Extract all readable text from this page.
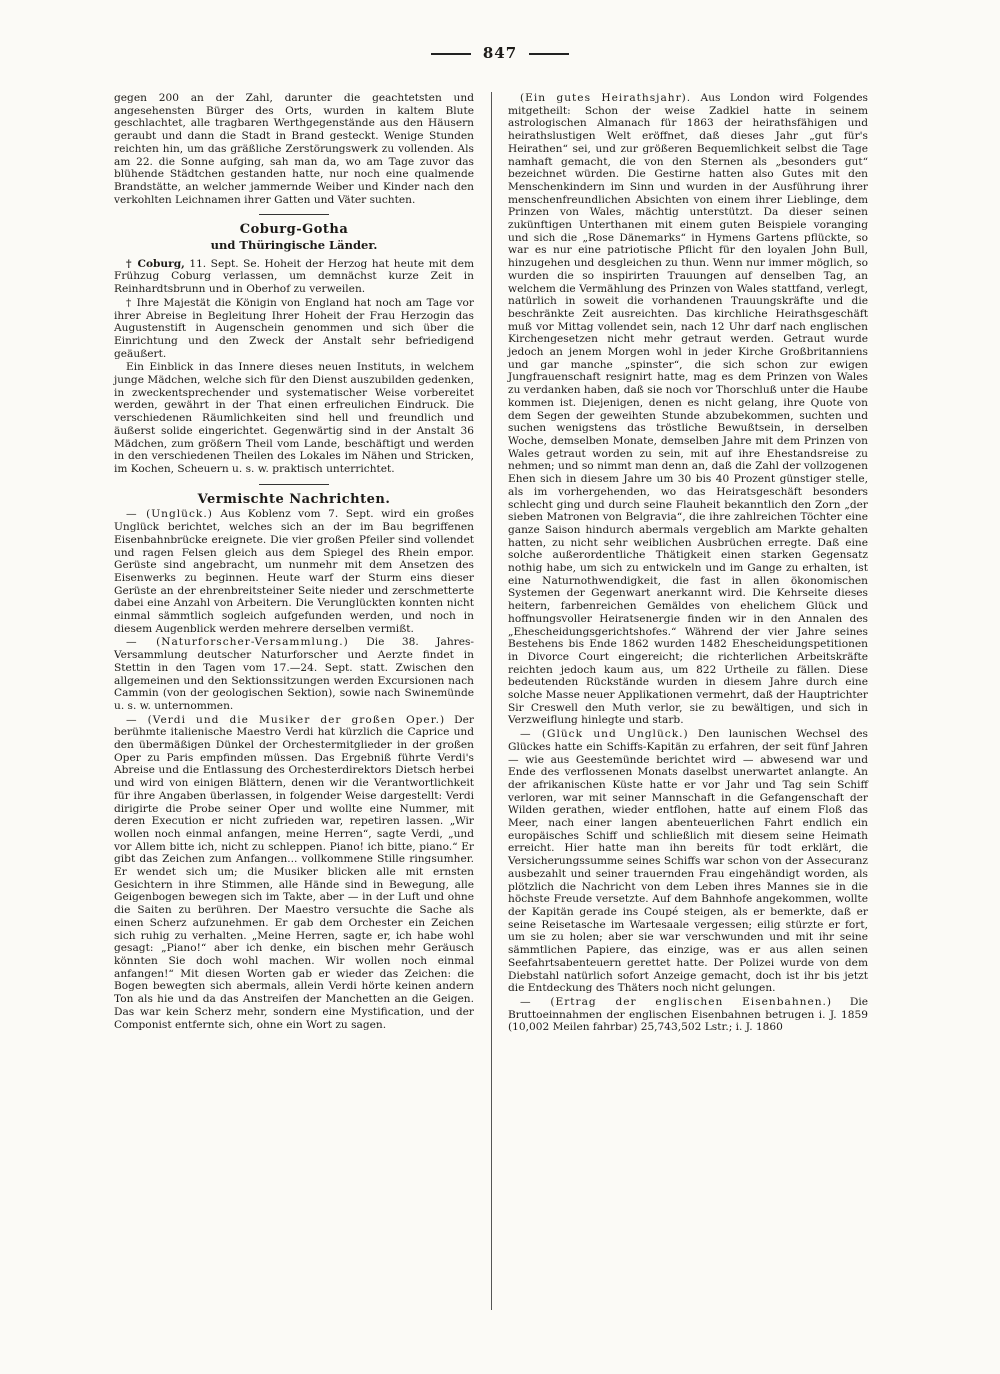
847

gegen 200 an der Zahl, darunter die geachtetsten und angesehensten Bürger des Orts, wurden in kaltem Blute geschlachtet, alle tragbaren Werthgegenstände aus den Häusern geraubt und dann die Stadt in Brand gesteckt. Wenige Stunden reichten hin, um das gräßliche Zerstörungswerk zu vollenden. Als am 22. die Sonne aufging, sah man da, wo am Tage zuvor das blühende Städtchen gestanden hatte, nur noch eine qualmende Brandstätte, an welcher jammernde Weiber und Kinder nach den verkohlten Leichnamen ihrer Gatten und Väter suchten.

Coburg-Gotha
und Thüringische Länder.

† Coburg, 11. Sept. Se. Hoheit der Herzog hat heute mit dem Frühzug Coburg verlassen, um demnächst kurze Zeit in Reinhardtsbrunn und in Oberhof zu verweilen.

† Ihre Majestät die Königin von England hat noch am Tage vor ihrer Abreise in Begleitung Ihrer Hoheit der Frau Herzogin das Augustenstift in Augenschein genommen und sich über die Einrichtung und den Zweck der Anstalt sehr befriedigend geäußert.

Ein Einblick in das Innere dieses neuen Instituts, in welchem junge Mädchen, welche sich für den Dienst auszubilden gedenken, in zweckentsprechender und systematischer Weise vorbereitet werden, gewährt in der That einen erfreulichen Eindruck. Die verschiedenen Räumlichkeiten sind hell und freundlich und äußerst solide eingerichtet. Gegenwärtig sind in der Anstalt 36 Mädchen, zum größern Theil vom Lande, beschäftigt und werden in den verschiedenen Theilen des Lokales im Nähen und Stricken, im Kochen, Scheuern u. s. w. praktisch unterrichtet.

Vermischte Nachrichten.

— (Unglück.) Aus Koblenz vom 7. Sept. wird ein großes Unglück berichtet, welches sich an der im Bau begriffenen Eisenbahnbrücke ereignete. Die vier großen Pfeiler sind vollendet und ragen Felsen gleich aus dem Spiegel des Rhein empor. Gerüste sind angebracht, um nunmehr mit dem Ansetzen des Eisenwerks zu beginnen. Heute warf der Sturm eins dieser Gerüste an der ehrenbreitsteiner Seite nieder und zerschmetterte dabei eine Anzahl von Arbeitern. Die Verunglückten konnten nicht einmal sämmtlich sogleich aufgefunden werden, und noch in diesem Augenblick werden mehrere derselben vermißt.

— (Naturforscher-Versammlung.) Die 38. Jahres-Versammlung deutscher Naturforscher und Aerzte findet in Stettin in den Tagen vom 17.—24. Sept. statt. Zwischen den allgemeinen und den Sektionssitzungen werden Excursionen nach Cammin (von der geologischen Sektion), sowie nach Swinemünde u. s. w. unternommen.

— (Verdi und die Musiker der großen Oper.) Der berühmte italienische Maestro Verdi hat kürzlich die Caprice und den übermäßigen Dünkel der Orchestermitglieder in der großen Oper zu Paris empfinden müssen. Das Ergebniß führte Verdi's Abreise und die Entlassung des Orchesterdirektors Dietsch herbei und wird von einigen Blättern, denen wir die Verantwortlichkeit für ihre Angaben überlassen, in folgender Weise dargestellt: Verdi dirigirte die Probe seiner Oper und wollte eine Nummer, mit deren Execution er nicht zufrieden war, repetiren lassen. „Wir wollen noch einmal anfangen, meine Herren“, sagte Verdi, „und vor Allem bitte ich, nicht zu schleppen. Piano! ich bitte, piano.“ Er gibt das Zeichen zum Anfangen... vollkommene Stille ringsumher. Er wendet sich um; die Musiker blicken alle mit ernsten Gesichtern in ihre Stimmen, alle Hände sind in Bewegung, alle Geigenbogen bewegen sich im Takte, aber — in der Luft und ohne die Saiten zu berühren. Der Maestro versuchte die Sache als einen Scherz aufzunehmen. Er gab dem Orchester ein Zeichen sich ruhig zu verhalten. „Meine Herren, sagte er, ich habe wohl gesagt: „Piano!“ aber ich denke, ein bischen mehr Geräusch könnten Sie doch wohl machen. Wir wollen noch einmal anfangen!“ Mit diesen Worten gab er wieder das Zeichen: die Bogen bewegten sich abermals, allein Verdi hörte keinen andern Ton als hie und da das Anstreifen der Manchetten an die Geigen. Das war kein Scherz mehr, sondern eine Mystification, und der Componist entfernte sich, ohne ein Wort zu sagen.

(Ein gutes Heirathsjahr). Aus London wird Folgendes mitgetheilt: Schon der weise Zadkiel hatte in seinem astrologischen Almanach für 1863 der heirathsfähigen und heirathslustigen Welt eröffnet, daß dieses Jahr „gut für's Heirathen“ sei, und zur größeren Bequemlichkeit selbst die Tage namhaft gemacht, die von den Sternen als „besonders gut“ bezeichnet würden. Die Gestirne hatten also Gutes mit den Menschenkindern im Sinn und wurden in der Ausführung ihrer menschenfreundlichen Absichten von einem ihrer Lieblinge, dem Prinzen von Wales, mächtig unterstützt. Da dieser seinen zukünftigen Unterthanen mit einem guten Beispiele voranging und sich die „Rose Dänemarks“ in Hymens Gartens pflückte, so war es nur eine patriotische Pflicht für den loyalen John Bull, hinzugehen und desgleichen zu thun. Wenn nur immer möglich, so wurden die so inspirirten Trauungen auf denselben Tag, an welchem die Vermählung des Prinzen von Wales stattfand, verlegt, natürlich in soweit die vorhandenen Trauungskräfte und die beschränkte Zeit ausreichten. Das kirchliche Heirathsgeschäft muß vor Mittag vollendet sein, nach 12 Uhr darf nach englischen Kirchengesetzen nicht mehr getraut werden. Getraut wurde jedoch an jenem Morgen wohl in jeder Kirche Großbritanniens und gar manche „spinster“, die sich schon zur ewigen Jungfrauenschaft resignirt hatte, mag es dem Prinzen von Wales zu verdanken haben, daß sie noch vor Thorschluß unter die Haube kommen ist. Diejenigen, denen es nicht gelang, ihre Quote von dem Segen der geweihten Stunde abzubekommen, suchten und suchen wenigstens das tröstliche Bewußtsein, in derselben Woche, demselben Monate, demselben Jahre mit dem Prinzen von Wales getraut worden zu sein, mit auf ihre Ehestandsreise zu nehmen; und so nimmt man denn an, daß die Zahl der vollzogenen Ehen sich in diesem Jahre um 30 bis 40 Prozent günstiger stelle, als im vorhergehenden, wo das Heiratsgeschäft besonders schlecht ging und durch seine Flauheit bekanntlich den Zorn „der sieben Matronen von Belgravia“, die ihre zahlreichen Töchter eine ganze Saison hindurch abermals vergeblich am Markte gehalten hatten, zu nicht sehr weiblichen Ausbrüchen erregte. Daß eine solche außerordentliche Thätigkeit einen starken Gegensatz nothig habe, um sich zu entwickeln und im Gange zu erhalten, ist eine Naturnothwendigkeit, die fast in allen ökonomischen Systemen der Gegenwart anerkannt wird. Die Kehrseite dieses heitern, farbenreichen Gemäldes von ehelichem Glück und hoffnungsvoller Heiratsenergie finden wir in den Annalen des „Ehescheidungsgerichtshofes.“ Während der vier Jahre seines Bestehens bis Ende 1862 wurden 1482 Ehescheidungspetitionen in Divorce Court eingereicht; die richterlichen Arbeitskräfte reichten jedoch kaum aus, um 822 Urtheile zu fällen. Diese bedeutenden Rückstände wurden in diesem Jahre durch eine solche Masse neuer Applikationen vermehrt, daß der Hauptrichter Sir Creswell den Muth verlor, sie zu bewältigen, und sich in Verzweiflung hinlegte und starb.

— (Glück und Unglück.) Den launischen Wechsel des Glückes hatte ein Schiffs-Kapitän zu erfahren, der seit fünf Jahren — wie aus Geestemünde berichtet wird — abwesend war und Ende des verflossenen Monats daselbst unerwartet anlangte. An der afrikanischen Küste hatte er vor Jahr und Tag sein Schiff verloren, war mit seiner Mannschaft in die Gefangenschaft der Wilden gerathen, wieder entflohen, hatte auf einem Floß das Meer, nach einer langen abenteuerlichen Fahrt endlich ein europäisches Schiff und schließlich mit diesem seine Heimath erreicht. Hier hatte man ihn bereits für todt erklärt, die Versicherungssumme seines Schiffs war schon von der Assecuranz ausbezahlt und seiner trauernden Frau eingehändigt worden, als plötzlich die Nachricht von dem Leben ihres Mannes sie in die höchste Freude versetzte. Auf dem Bahnhofe angekommen, wollte der Kapitän gerade ins Coupé steigen, als er bemerkte, daß er seine Reisetasche im Wartesaale vergessen; eilig stürzte er fort, um sie zu holen; aber sie war verschwunden und mit ihr seine sämmtlichen Papiere, das einzige, was er aus allen seinen Seefahrtsabenteuern gerettet hatte. Der Polizei wurde von dem Diebstahl natürlich sofort Anzeige gemacht, doch ist ihr bis jetzt die Entdeckung des Thäters noch nicht gelungen.

— (Ertrag der englischen Eisenbahnen.) Die Bruttoeinnahmen der englischen Eisenbahnen betrugen i. J. 1859 (10,002 Meilen fahrbar) 25,743,502 Lstr.; i. J. 1860
